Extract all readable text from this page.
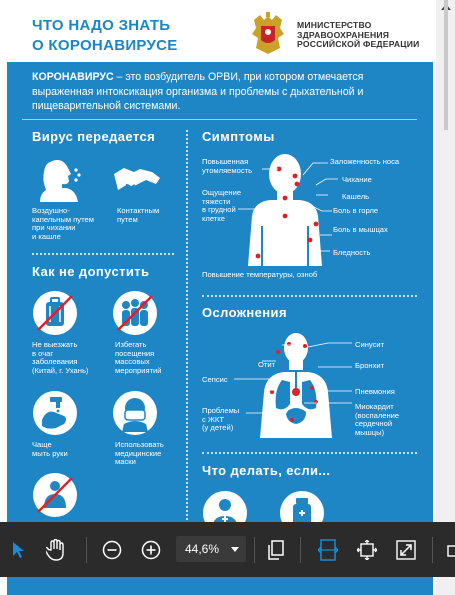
ЧТО НАДО ЗНАТЬ
О КОРОНАВИРУСЕ
МИНИСТЕРСТВО
ЗДРАВООХРАНЕНИЯ
РОССИЙСКОЙ ФЕДЕРАЦИИ
КОРОНАВИРУС – это возбудитель ОРВИ, при котором отмечается выраженная интоксикация организма и проблемы с дыхательной и пищеварительной системами.
Вирус передается
Воздушно-
капельным путем
при чихании
и кашле
Контактным
путем
Как не допустить
Не выезжать
в очаг
заболевания
(Китай, г. Ухань)
Избегать
посещения
массовых
мероприятий
Чаще
мыть руки
Использовать
медицинские
маски
Симптомы
Повышенная
утомляемость
Ощущение
тяжести
в грудной
клетке
Заложенность носа
Чихание
Кашель
Боль в горле
Боль в мышцах
Бледность
Повышение температуры, озноб
Осложнения
Отит
Синусит
Бронхит
Сепсис
Пневмония
Проблемы
с ЖКТ
(у детей)
Миокардит
(воспаление
сердечной
мышцы)
Что делать, если...
44,6%
